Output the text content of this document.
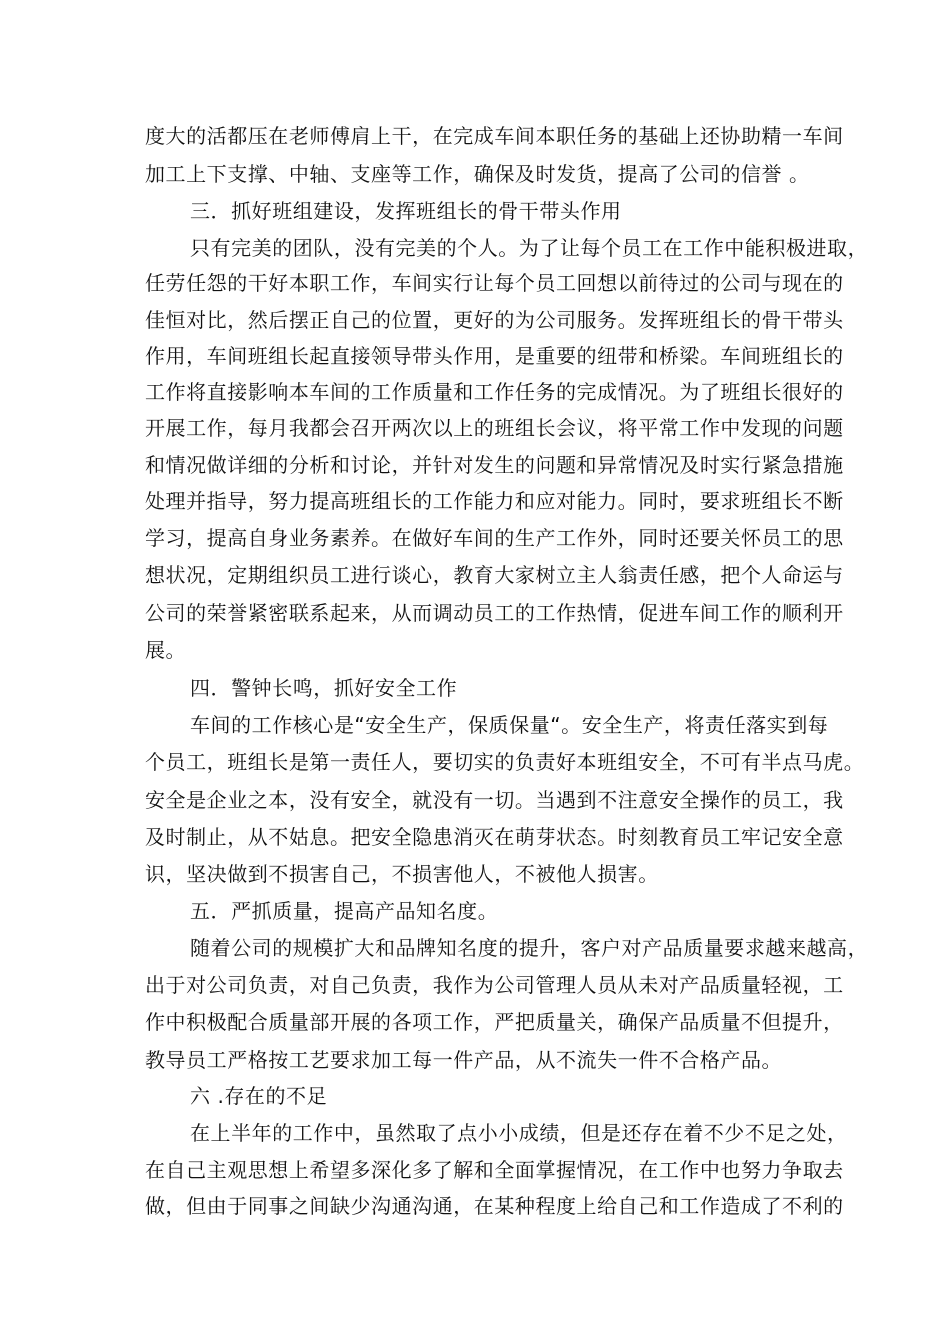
度大的活都压在老师傅肩上干，在完成车间本职任务的基础上还协助精一车间
加工上下支撑、中轴、支座等工作，确保及时发货，提高了公司的信誉 。
三．抓好班组建设，发挥班组长的骨干带头作用
只有完美的团队，没有完美的个人。为了让每个员工在工作中能积极进取，
任劳任怨的干好本职工作，车间实行让每个员工回想以前待过的公司与现在的
佳恒对比，然后摆正自己的位置，更好的为公司服务。发挥班组长的骨干带头
作用，车间班组长起直接领导带头作用，是重要的纽带和桥梁。车间班组长的
工作将直接影响本车间的工作质量和工作任务的完成情况。为了班组长很好的
开展工作，每月我都会召开两次以上的班组长会议，将平常工作中发现的问题
和情况做详细的分析和讨论，并针对发生的问题和异常情况及时实行紧急措施
处理并指导，努力提高班组长的工作能力和应对能力。同时，要求班组长不断
学习，提高自身业务素养。在做好车间的生产工作外，同时还要关怀员工的思
想状况，定期组织员工进行谈心，教育大家树立主人翁责任感，把个人命运与
公司的荣誉紧密联系起来，从而调动员工的工作热情，促进车间工作的顺利开
展。
四．警钟长鸣，抓好安全工作
车间的工作核心是“安全生产，保质保量“。安全生产，将责任落实到每
个员工，班组长是第一责任人，要切实的负责好本班组安全，不可有半点马虎。
安全是企业之本，没有安全，就没有一切。当遇到不注意安全操作的员工，我
及时制止，从不姑息。把安全隐患消灭在萌芽状态。时刻教育员工牢记安全意
识，坚决做到不损害自己，不损害他人，不被他人损害。
五．严抓质量，提高产品知名度。
随着公司的规模扩大和品牌知名度的提升，客户对产品质量要求越来越高，
出于对公司负责，对自己负责，我作为公司管理人员从未对产品质量轻视，工
作中积极配合质量部开展的各项工作，严把质量关，确保产品质量不但提升，
教导员工严格按工艺要求加工每一件产品，从不流失一件不合格产品。
六 .存在的不足
在上半年的工作中，虽然取了点小小成绩，但是还存在着不少不足之处，
在自己主观思想上希望多深化多了解和全面掌握情况，在工作中也努力争取去
做，但由于同事之间缺少沟通沟通，在某种程度上给自己和工作造成了不利的
